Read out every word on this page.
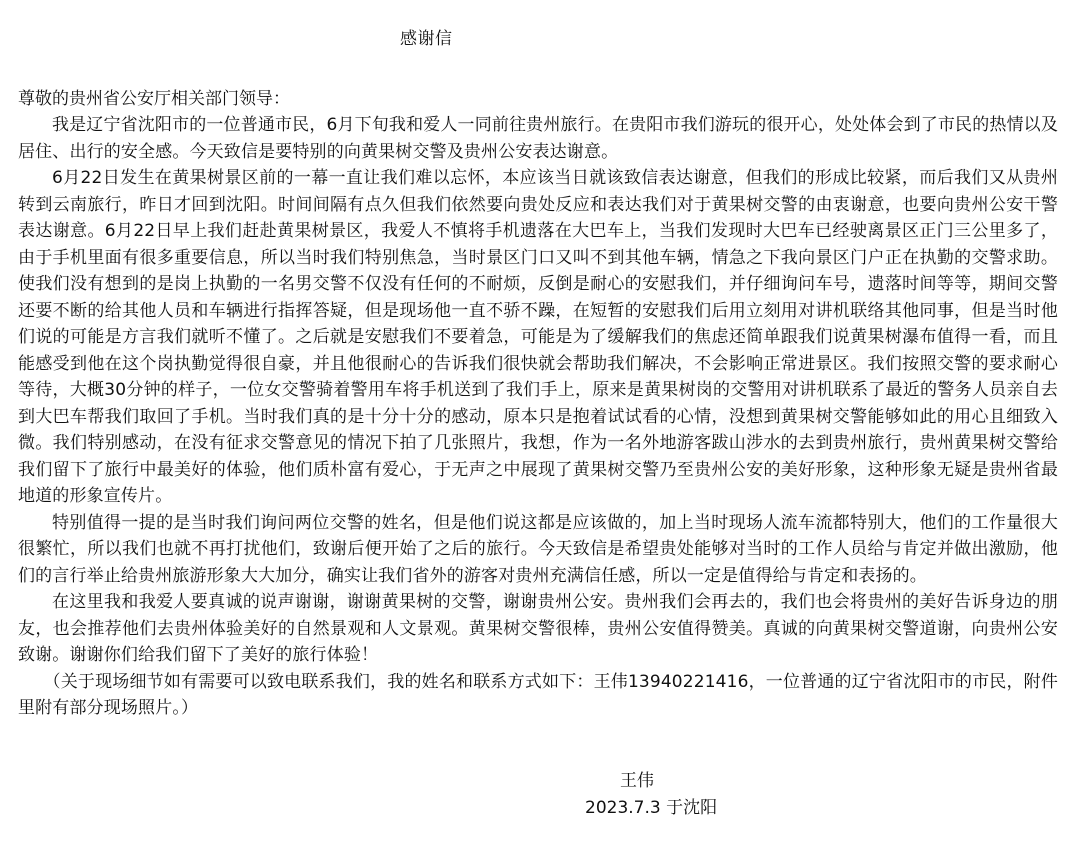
感谢信
尊敬的贵州省公安厅相关部门领导：

我是辽宁省沈阳市的一位普通市民，6月下旬我和爱人一同前往贵州旅行。在贵阳市我们游玩的很开心，处处体会到了市民的热情以及居住、出行的安全感。今天致信是要特别的向黄果树交警及贵州公安表达谢意。

6月22日发生在黄果树景区前的一幕一直让我们难以忘怀，本应该当日就该致信表达谢意，但我们的形成比较紧，而后我们又从贵州转到云南旅行，昨日才回到沈阳。时间间隔有点久但我们依然要向贵处反应和表达我们对于黄果树交警的由衷谢意，也要向贵州公安干警表达谢意。6月22日早上我们赶赴黄果树景区，我爱人不慎将手机遗落在大巴车上，当我们发现时大巴车已经驶离景区正门三公里多了，由于手机里面有很多重要信息，所以当时我们特别焦急，当时景区门口又叫不到其他车辆，情急之下我向景区门户正在执勤的交警求助。使我们没有想到的是岗上执勤的一名男交警不仅没有任何的不耐烦，反倒是耐心的安慰我们，并仔细询问车号，遗落时间等等，期间交警还要不断的给其他人员和车辆进行指挥答疑，但是现场他一直不骄不躁，在短暂的安慰我们后用立刻用对讲机联络其他同事，但是当时他们说的可能是方言我们就听不懂了。之后就是安慰我们不要着急，可能是为了缓解我们的焦虑还简单跟我们说黄果树瀑布值得一看，而且能感受到他在这个岗执勤觉得很自豪，并且他很耐心的告诉我们很快就会帮助我们解决，不会影响正常进景区。我们按照交警的要求耐心等待，大概30分钟的样子，一位女交警骑着警用车将手机送到了我们手上，原来是黄果树岗的交警用对讲机联系了最近的警务人员亲自去到大巴车帮我们取回了手机。当时我们真的是十分十分的感动，原本只是抱着试试看的心情，没想到黄果树交警能够如此的用心且细致入微。我们特别感动，在没有征求交警意见的情况下拍了几张照片，我想，作为一名外地游客跋山涉水的去到贵州旅行，贵州黄果树交警给我们留下了旅行中最美好的体验，他们质朴富有爱心，于无声之中展现了黄果树交警乃至贵州公安的美好形象，这种形象无疑是贵州省最地道的形象宣传片。

特别值得一提的是当时我们询问两位交警的姓名，但是他们说这都是应该做的，加上当时现场人流车流都特别大，他们的工作量很大很繁忙，所以我们也就不再打扰他们，致谢后便开始了之后的旅行。今天致信是希望贵处能够对当时的工作人员给与肯定并做出激励，他们的言行举止给贵州旅游形象大大加分，确实让我们省外的游客对贵州充满信任感，所以一定是值得给与肯定和表扬的。

在这里我和我爱人要真诚的说声谢谢，谢谢黄果树的交警，谢谢贵州公安。贵州我们会再去的，我们也会将贵州的美好告诉身边的朋友，也会推荐他们去贵州体验美好的自然景观和人文景观。黄果树交警很棒，贵州公安值得赞美。真诚的向黄果树交警道谢，向贵州公安致谢。谢谢你们给我们留下了美好的旅行体验！

（关于现场细节如有需要可以致电联系我们，我的姓名和联系方式如下：王伟13940221416，一位普通的辽宁省沈阳市的市民，附件里附有部分现场照片。）

王伟
2023.7.3 于沈阳
